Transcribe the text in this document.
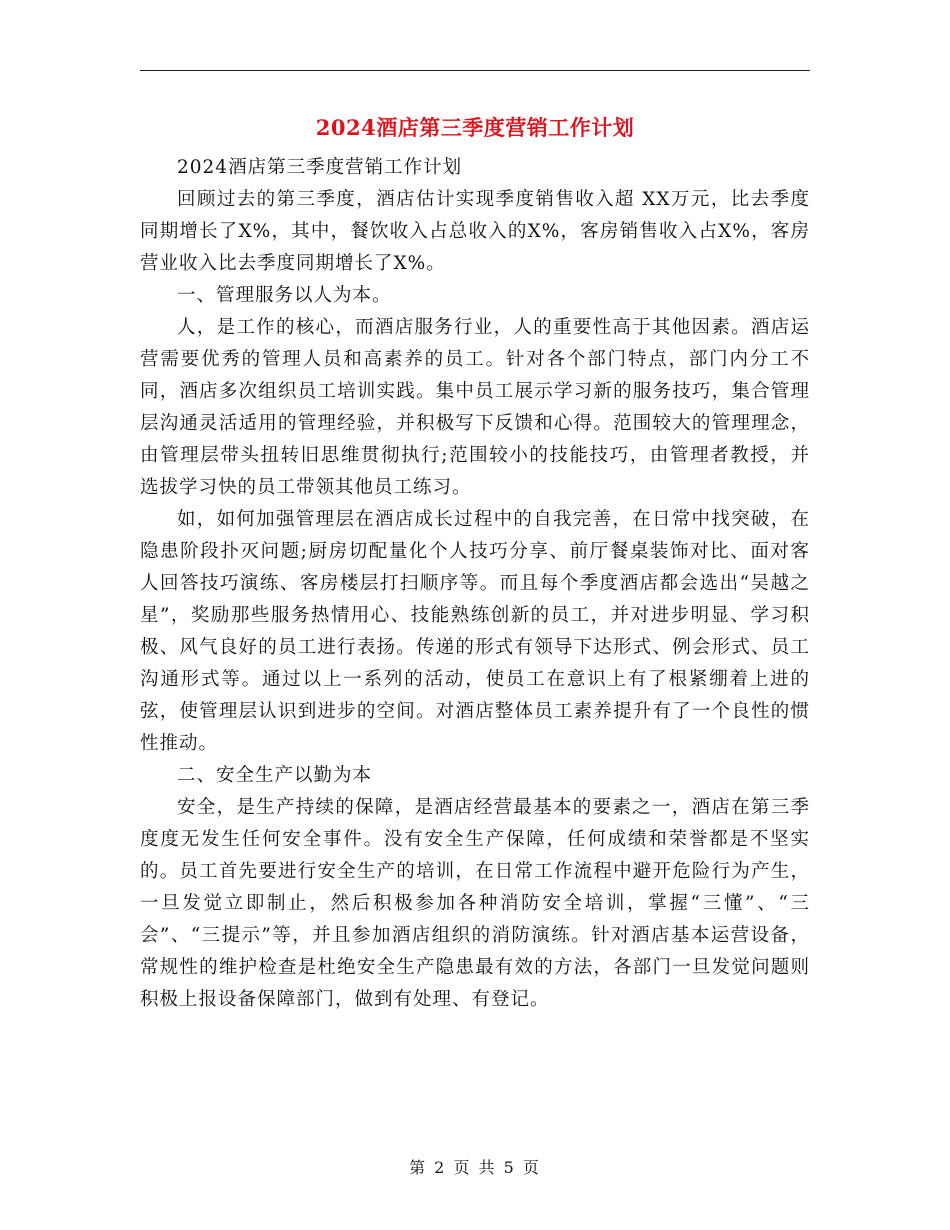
2024酒店第三季度营销工作计划

2024酒店第三季度营销工作计划

回顾过去的第三季度，酒店估计实现季度销售收入超 XX万元，比去季度同期增长了X%，其中，餐饮收入占总收入的X%，客房销售收入占X%，客房营业收入比去季度同期增长了X%。

一、管理服务以人为本。

人，是工作的核心，而酒店服务行业，人的重要性高于其他因素。酒店运营需要优秀的管理人员和高素养的员工。针对各个部门特点，部门内分工不同，酒店多次组织员工培训实践。集中员工展示学习新的服务技巧，集合管理层沟通灵活适用的管理经验，并积极写下反馈和心得。范围较大的管理理念，由管理层带头扭转旧思维贯彻执行;范围较小的技能技巧，由管理者教授，并选拔学习快的员工带领其他员工练习。

如，如何加强管理层在酒店成长过程中的自我完善，在日常中找突破，在隐患阶段扑灭问题;厨房切配量化个人技巧分享、前厅餐桌装饰对比、面对客人回答技巧演练、客房楼层打扫顺序等。而且每个季度酒店都会选出“吴越之星”，奖励那些服务热情用心、技能熟练创新的员工，并对进步明显、学习积极、风气良好的员工进行表扬。传递的形式有领导下达形式、例会形式、员工沟通形式等。通过以上一系列的活动，使员工在意识上有了根紧绷着上进的弦，使管理层认识到进步的空间。对酒店整体员工素养提升有了一个良性的惯性推动。

二、安全生产以勤为本

安全，是生产持续的保障，是酒店经营最基本的要素之一，酒店在第三季度度无发生任何安全事件。没有安全生产保障，任何成绩和荣誉都是不坚实的。员工首先要进行安全生产的培训，在日常工作流程中避开危险行为产生，一旦发觉立即制止，然后积极参加各种消防安全培训，掌握“三懂”、“三会”、“三提示”等，并且参加酒店组织的消防演练。针对酒店基本运营设备，常规性的维护检查是杜绝安全生产隐患最有效的方法，各部门一旦发觉问题则积极上报设备保障部门，做到有处理、有登记。

第 2 页 共 5 页
